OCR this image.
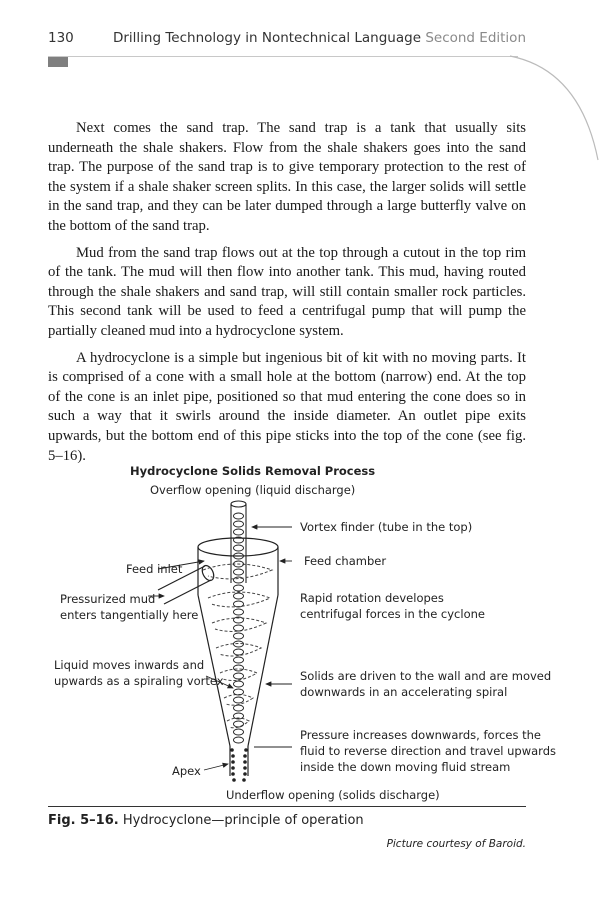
130	Drilling Technology in Nontechnical Language Second Edition

Next comes the sand trap. The sand trap is a tank that usually sits underneath the shale shakers. Flow from the shale shakers goes into the sand trap. The purpose of the sand trap is to give temporary protection to the rest of the system if a shale shaker screen splits. In this case, the larger solids will settle in the sand trap, and they can be later dumped through a large butterfly valve on the bottom of the sand trap.

Mud from the sand trap flows out at the top through a cutout in the top rim of the tank. The mud will then flow into another tank. This mud, having routed through the shale shakers and sand trap, will still contain smaller rock particles. This second tank will be used to feed a centrifugal pump that will pump the partially cleaned mud into a hydrocyclone system.

A hydrocyclone is a simple but ingenious bit of kit with no moving parts. It is comprised of a cone with a small hole at the bottom (narrow) end. At the top of the cone is an inlet pipe, positioned so that mud entering the cone does so in such a way that it swirls around the inside diameter. An outlet pipe exits upwards, but the bottom end of this pipe sticks into the top of the cone (see fig. 5–16).

Hydrocyclone Solids Removal Process
Overflow opening (liquid discharge)
Vortex finder (tube in the top)
Feed chamber
Feed inlet
Pressurized mud
enters tangentially here
Rapid rotation developes
centrifugal forces in the cyclone
Liquid moves inwards and
upwards as a spiraling vortex	Solids are driven to the wall and are moved
downwards in an accelerating spiral
Pressure increases downwards, forces the
fluid to reverse direction and travel upwards
inside the down moving fluid stream
Apex
Underflow opening (solids discharge)
Fig. 5–16. Hydrocyclone—principle of operation
Picture courtesy of Baroid.
